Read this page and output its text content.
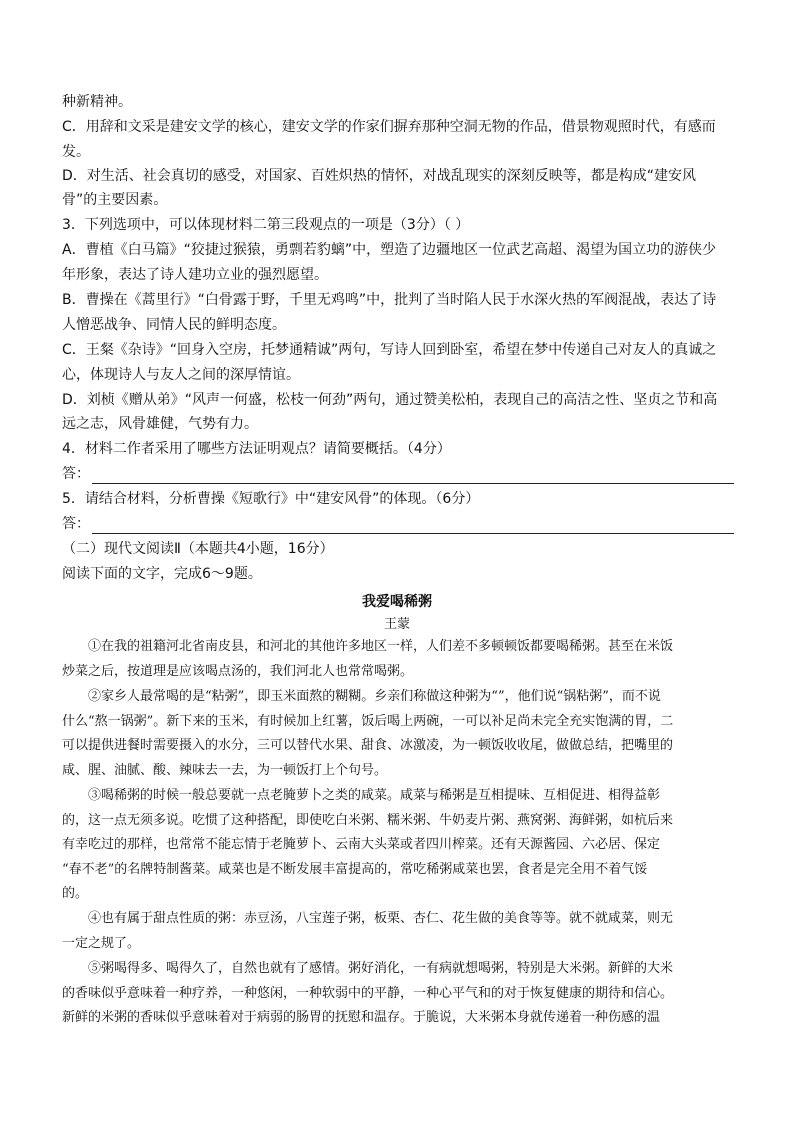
种新精神。
C．用辞和文采是建安文学的核心，建安文学的作家们摒弃那种空洞无物的作品，借景物观照时代，有感而
发。
D．对生活、社会真切的感受，对国家、百姓炽热的情怀，对战乱现实的深刻反映等，都是构成“建安风
骨”的主要因素。
3．下列选项中，可以体现材料二第三段观点的一项是（3分）（ ）
A．曹植《白马篇》“狡捷过猴猿，勇剽若豹螭”中，塑造了边疆地区一位武艺高超、渴望为国立功的游侠少
年形象，表达了诗人建功立业的强烈愿望。
B．曹操在《蒿里行》“白骨露于野，千里无鸡鸣”中，批判了当时陷人民于水深火热的军阀混战，表达了诗
人憎恶战争、同情人民的鲜明态度。
C．王粲《杂诗》“回身入空房，托梦通精诚”两句，写诗人回到卧室，希望在梦中传递自己对友人的真诚之
心，体现诗人与友人之间的深厚情谊。
D．刘桢《赠从弟》“风声一何盛，松枝一何劲”两句，通过赞美松柏，表现自己的高洁之性、坚贞之节和高
远之志，风骨雄健，气势有力。
4．材料二作者采用了哪些方法证明观点？请简要概括。（4分）
答：
5．请结合材料，分析曹操《短歌行》中“建安风骨”的体现。（6分）
答：
（二）现代文阅读Ⅱ（本题共4小题，16分）
阅读下面的文字，完成6～9题。
我爱喝稀粥
王蒙
①在我的祖籍河北省南皮县，和河北的其他许多地区一样，人们差不多顿顿饭都要喝稀粥。甚至在米饭
炒菜之后，按道理是应该喝点汤的，我们河北人也常常喝粥。
②家乡人最常喝的是“粘粥”，即玉米面熬的糊糊。乡亲们称做这种粥为“”，他们说“锅粘粥”，而不说
什么“熬一锅粥”。新下来的玉米，有时候加上红薯，饭后喝上两碗，一可以补足尚未完全充实饱满的胃，二
可以提供进餐时需要摄入的水分，三可以替代水果、甜食、冰激凌，为一顿饭收收尾，做做总结，把嘴里的
咸、腥、油腻、酸、辣味去一去，为一顿饭打上个句号。
③喝稀粥的时候一般总要就一点老腌萝卜之类的咸菜。咸菜与稀粥是互相提味、互相促进、相得益彰
的，这一点无须多说。吃惯了这种搭配，即使吃白米粥、糯米粥、牛奶麦片粥、燕窝粥、海鲜粥，如杭后来
有幸吃过的那样，也常常不能忘情于老腌萝卜、云南大头菜或者四川榨菜。还有天源酱园、六必居、保定
“春不老”的名牌特制酱菜。咸菜也是不断发展丰富提高的，常吃稀粥咸菜也罢，食者是完全用不着气馁
的。
④也有属于甜点性质的粥：赤豆汤，八宝莲子粥，板栗、杏仁、花生做的美食等等。就不就咸菜，则无
一定之规了。
⑤粥喝得多、喝得久了，自然也就有了感情。粥好消化，一有病就想喝粥，特别是大米粥。新鲜的大米
的香味似乎意味着一种疗养，一种悠闲，一种软弱中的平静，一种心平气和的对于恢复健康的期待和信心。
新鲜的米粥的香味似乎意味着对于病弱的肠胃的抚慰和温存。于脆说，大米粥本身就传递着一种伤感的温
